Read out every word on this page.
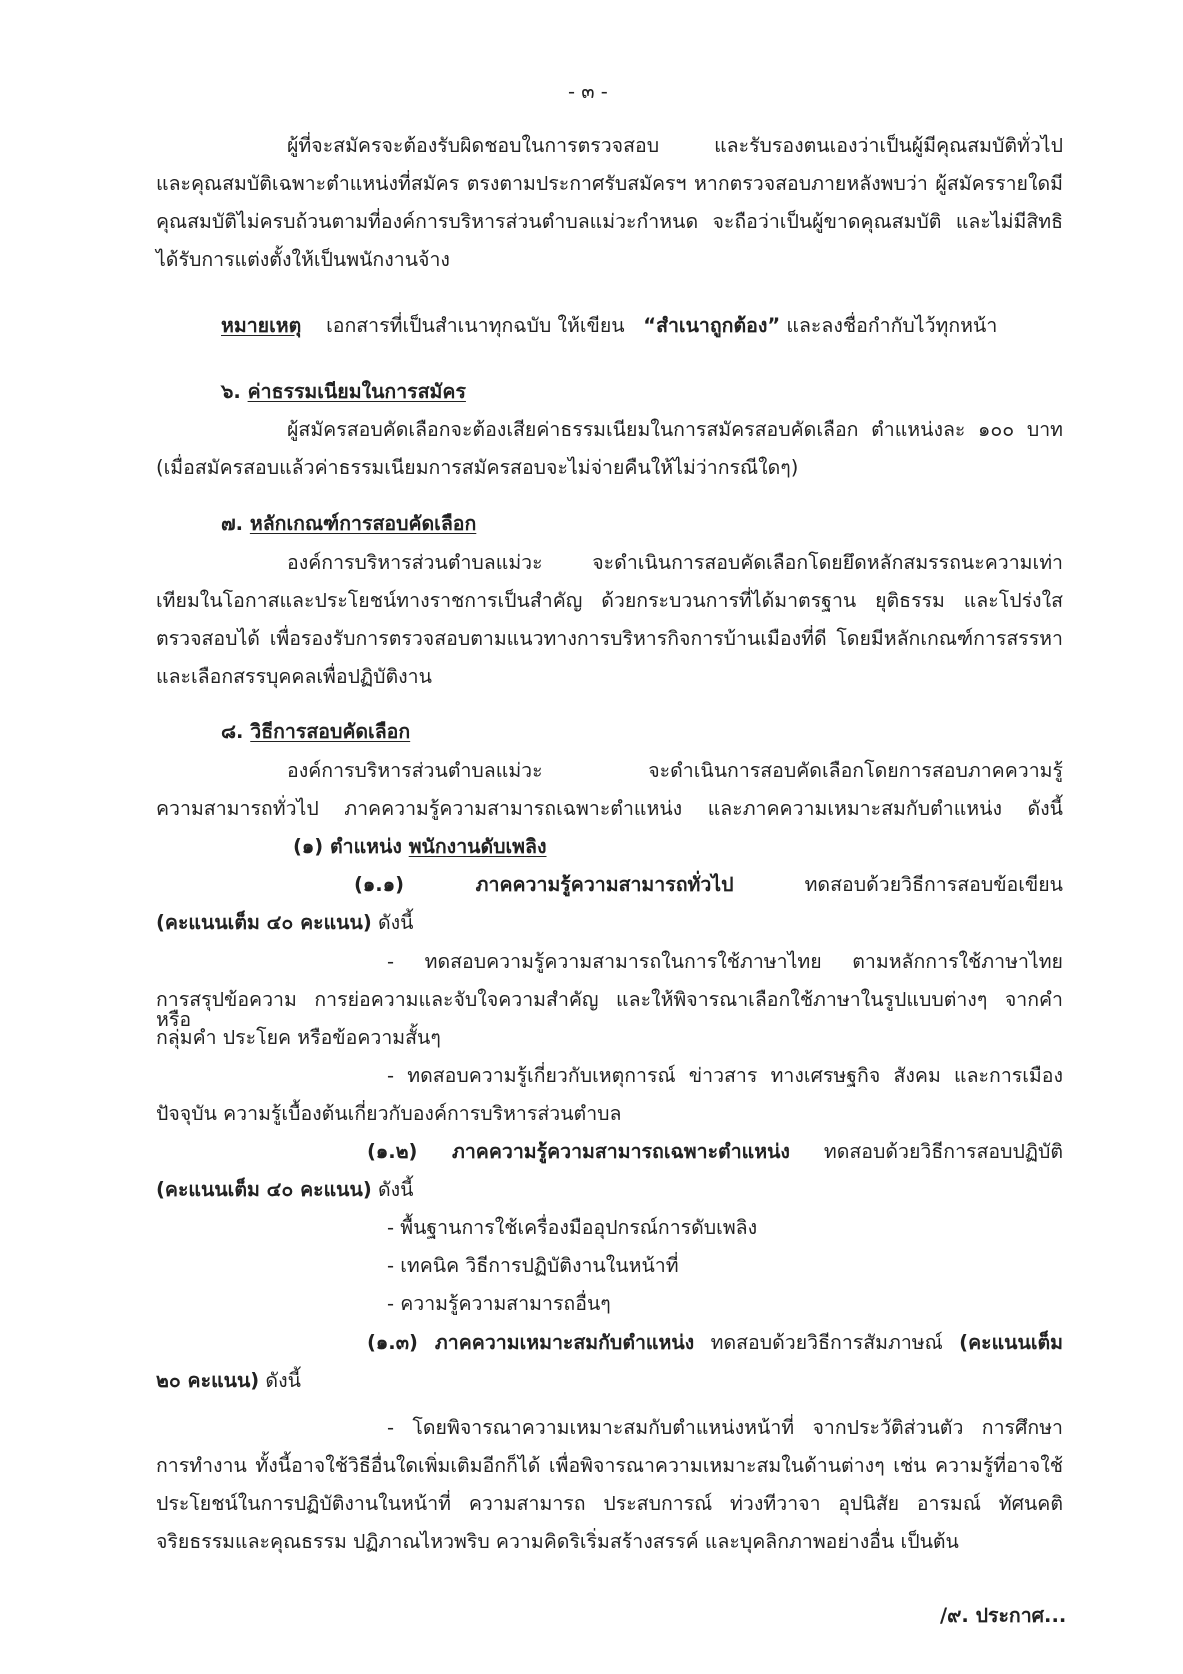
- ๓ -
ผู้ที่จะสมัครจะต้องรับผิดชอบในการตรวจสอบ และรับรองตนเองว่าเป็นผู้มีคุณสมบัติทั่วไป
และคุณสมบัติเฉพาะตำแหน่งที่สมัคร ตรงตามประกาศรับสมัครฯ หากตรวจสอบภายหลังพบว่า ผู้สมัครรายใดมี
คุณสมบัติไม่ครบถ้วนตามที่องค์การบริหารส่วนตำบลแม่วะกำหนด จะถือว่าเป็นผู้ขาดคุณสมบัติ และไม่มีสิทธิ
ได้รับการแต่งตั้งให้เป็นพนักงานจ้าง
หมายเหตุ เอกสารที่เป็นสำเนาทุกฉบับ ให้เขียน “สำเนาถูกต้อง” และลงชื่อกำกับไว้ทุกหน้า
๖. ค่าธรรมเนียมในการสมัคร
ผู้สมัครสอบคัดเลือกจะต้องเสียค่าธรรมเนียมในการสมัครสอบคัดเลือก ตำแหน่งละ ๑๐๐ บาท
(เมื่อสมัครสอบแล้วค่าธรรมเนียมการสมัครสอบจะไม่จ่ายคืนให้ไม่ว่ากรณีใดๆ)
๗. หลักเกณฑ์การสอบคัดเลือก
องค์การบริหารส่วนตำบลแม่วะ จะดำเนินการสอบคัดเลือกโดยยึดหลักสมรรถนะความเท่า
เทียมในโอกาสและประโยชน์ทางราชการเป็นสำคัญ ด้วยกระบวนการที่ได้มาตรฐาน ยุติธรรม และโปร่งใส
ตรวจสอบได้ เพื่อรองรับการตรวจสอบตามแนวทางการบริหารกิจการบ้านเมืองที่ดี โดยมีหลักเกณฑ์การสรรหา
และเลือกสรรบุคคลเพื่อปฏิบัติงาน
๘. วิธีการสอบคัดเลือก
องค์การบริหารส่วนตำบลแม่วะ จะดำเนินการสอบคัดเลือกโดยการสอบภาคความรู้
ความสามารถทั่วไป ภาคความรู้ความสามารถเฉพาะตำแหน่ง และภาคความเหมาะสมกับตำแหน่ง ดังนี้
(๑) ตำแหน่ง พนักงานดับเพลิง
(๑.๑) ภาคความรู้ความสามารถทั่วไป	ทดสอบด้วยวิธีการสอบข้อเขียน
(คะแนนเต็ม ๔๐ คะแนน) ดังนี้
- ทดสอบความรู้ความสามารถในการใช้ภาษาไทย ตามหลักการใช้ภาษาไทย
การสรุปข้อความ การย่อความและจับใจความสำคัญ และให้พิจารณาเลือกใช้ภาษาในรูปแบบต่างๆ จากคำหรือ
กลุ่มคำ ประโยค หรือข้อความสั้นๆ
- ทดสอบความรู้เกี่ยวกับเหตุการณ์ ข่าวสาร ทางเศรษฐกิจ สังคม และการเมือง
ปัจจุบัน ความรู้เบื้องต้นเกี่ยวกับองค์การบริหารส่วนตำบล
(๑.๒) ภาคความรู้ความสามารถเฉพาะตำแหน่ง ทดสอบด้วยวิธีการสอบปฏิบัติ
(คะแนนเต็ม ๔๐ คะแนน) ดังนี้
- พื้นฐานการใช้เครื่องมืออุปกรณ์การดับเพลิง
- เทคนิค วิธีการปฏิบัติงานในหน้าที่
- ความรู้ความสามารถอื่นๆ
(๑.๓) ภาคความเหมาะสมกับตำแหน่ง ทดสอบด้วยวิธีการสัมภาษณ์ (คะแนนเต็ม
๒๐ คะแนน) ดังนี้
- โดยพิจารณาความเหมาะสมกับตำแหน่งหน้าที่ จากประวัติส่วนตัว การศึกษา
การทำงาน ทั้งนี้อาจใช้วิธีอื่นใดเพิ่มเติมอีกก็ได้ เพื่อพิจารณาความเหมาะสมในด้านต่างๆ เช่น ความรู้ที่อาจใช้
ประโยชน์ในการปฏิบัติงานในหน้าที่ ความสามารถ ประสบการณ์ ท่วงทีวาจา อุปนิสัย อารมณ์ ทัศนคติ
จริยธรรมและคุณธรรม ปฏิภาณไหวพริบ ความคิดริเริ่มสร้างสรรค์ และบุคลิกภาพอย่างอื่น เป็นต้น
/๙. ประกาศ...
